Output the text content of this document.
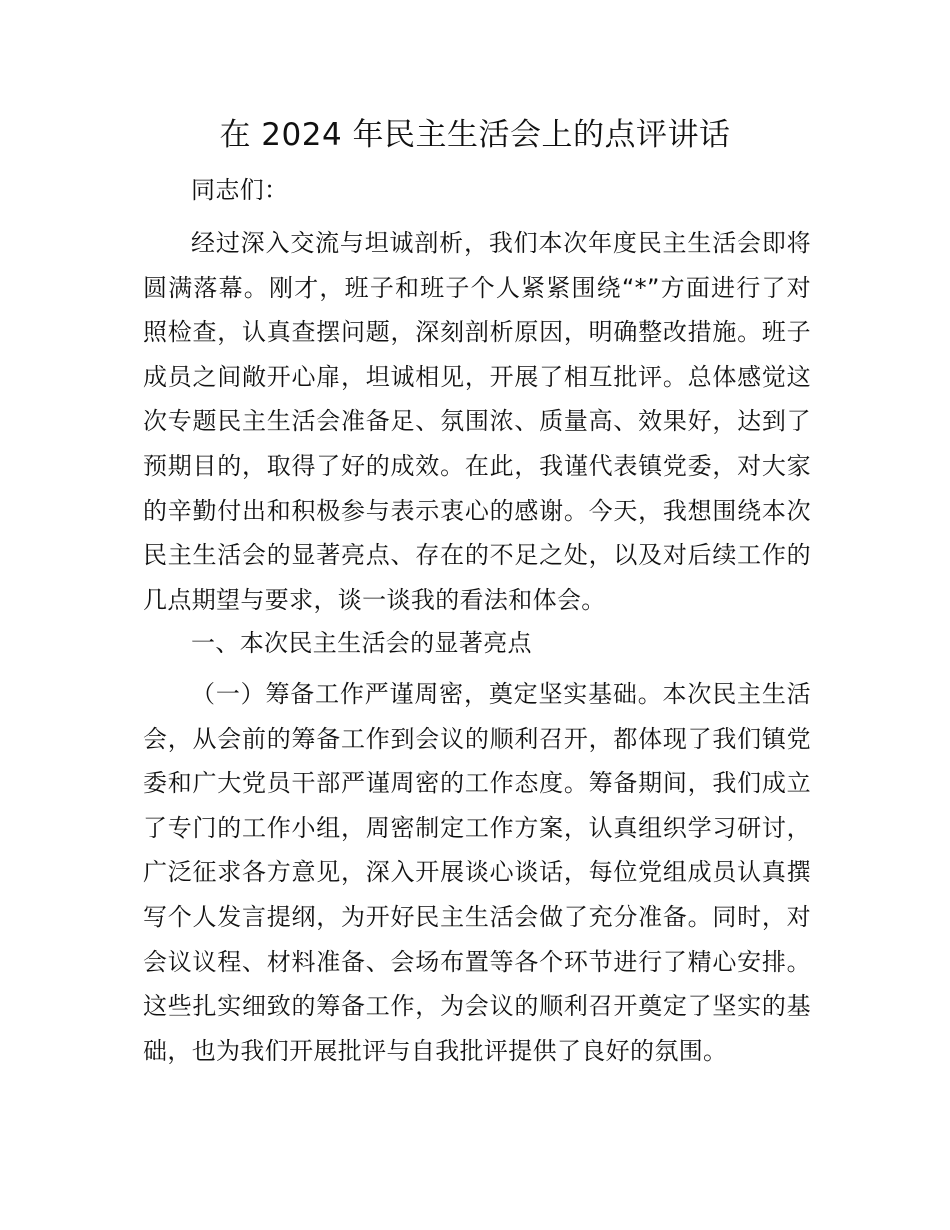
在 2024 年民主生活会上的点评讲话

同志们：

经过深入交流与坦诚剖析，我们本次年度民主生活会即将圆满落幕。刚才，班子和班子个人紧紧围绕“*”方面进行了对照检查，认真查摆问题，深刻剖析原因，明确整改措施。班子成员之间敞开心扉，坦诚相见，开展了相互批评。总体感觉这次专题民主生活会准备足、氛围浓、质量高、效果好，达到了预期目的，取得了好的成效。在此，我谨代表镇党委，对大家的辛勤付出和积极参与表示衷心的感谢。今天，我想围绕本次民主生活会的显著亮点、存在的不足之处，以及对后续工作的几点期望与要求，谈一谈我的看法和体会。

一、本次民主生活会的显著亮点

（一）筹备工作严谨周密，奠定坚实基础。本次民主生活会，从会前的筹备工作到会议的顺利召开，都体现了我们镇党委和广大党员干部严谨周密的工作态度。筹备期间，我们成立了专门的工作小组，周密制定工作方案，认真组织学习研讨，广泛征求各方意见，深入开展谈心谈话，每位党组成员认真撰写个人发言提纲，为开好民主生活会做了充分准备。同时，对会议议程、材料准备、会场布置等各个环节进行了精心安排。这些扎实细致的筹备工作，为会议的顺利召开奠定了坚实的基础，也为我们开展批评与自我批评提供了良好的氛围。
